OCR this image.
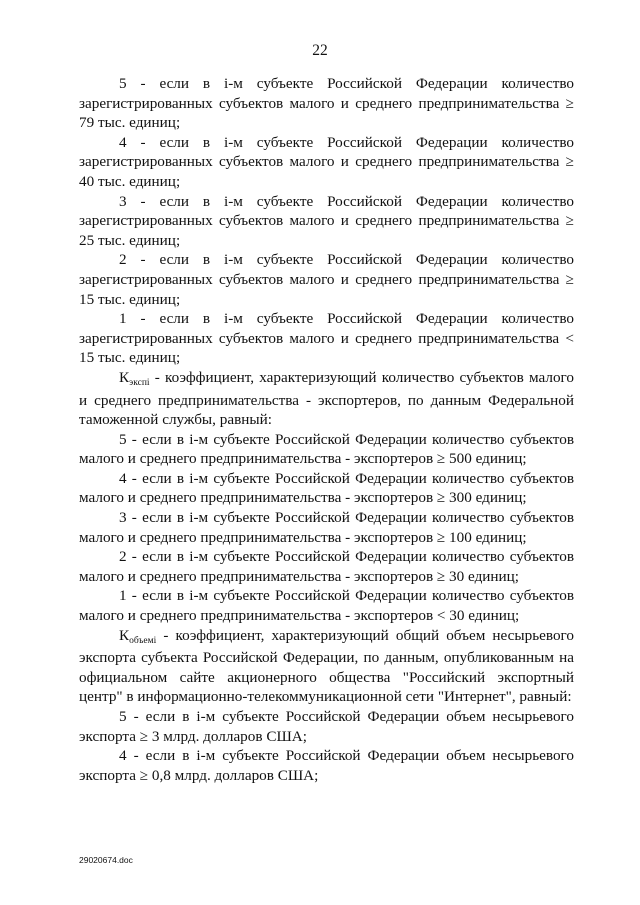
22

5 - если в i-м субъекте Российской Федерации количество зарегистрированных субъектов малого и среднего предпринимательства ≥ 79 тыс. единиц;

4 - если в i-м субъекте Российской Федерации количество зарегистрированных субъектов малого и среднего предпринимательства ≥ 40 тыс. единиц;

3 - если в i-м субъекте Российской Федерации количество зарегистрированных субъектов малого и среднего предпринимательства ≥ 25 тыс. единиц;

2 - если в i-м субъекте Российской Федерации количество зарегистрированных субъектов малого и среднего предпринимательства ≥ 15 тыс. единиц;

1 - если в i-м субъекте Российской Федерации количество зарегистрированных субъектов малого и среднего предпринимательства < 15 тыс. единиц;

Кэкспi - коэффициент, характеризующий количество субъектов малого и среднего предпринимательства - экспортеров, по данным Федеральной таможенной службы, равный:

5 - если в i-м субъекте Российской Федерации количество субъектов малого и среднего предпринимательства - экспортеров ≥ 500 единиц;

4 - если в i-м субъекте Российской Федерации количество субъектов малого и среднего предпринимательства - экспортеров ≥ 300 единиц;

3 - если в i-м субъекте Российской Федерации количество субъектов малого и среднего предпринимательства - экспортеров ≥ 100 единиц;

2 - если в i-м субъекте Российской Федерации количество субъектов малого и среднего предпринимательства - экспортеров ≥ 30 единиц;

1 - если в i-м субъекте Российской Федерации количество субъектов малого и среднего предпринимательства - экспортеров < 30 единиц;

Кобъемi - коэффициент, характеризующий общий объем несырьевого экспорта субъекта Российской Федерации, по данным, опубликованным на официальном сайте акционерного общества "Российский экспортный центр" в информационно-телекоммуникационной сети "Интернет", равный:

5 - если в i-м субъекте Российской Федерации объем несырьевого экспорта ≥ 3 млрд. долларов США;

4 - если в i-м субъекте Российской Федерации объем несырьевого экспорта ≥ 0,8 млрд. долларов США;

29020674.doc
